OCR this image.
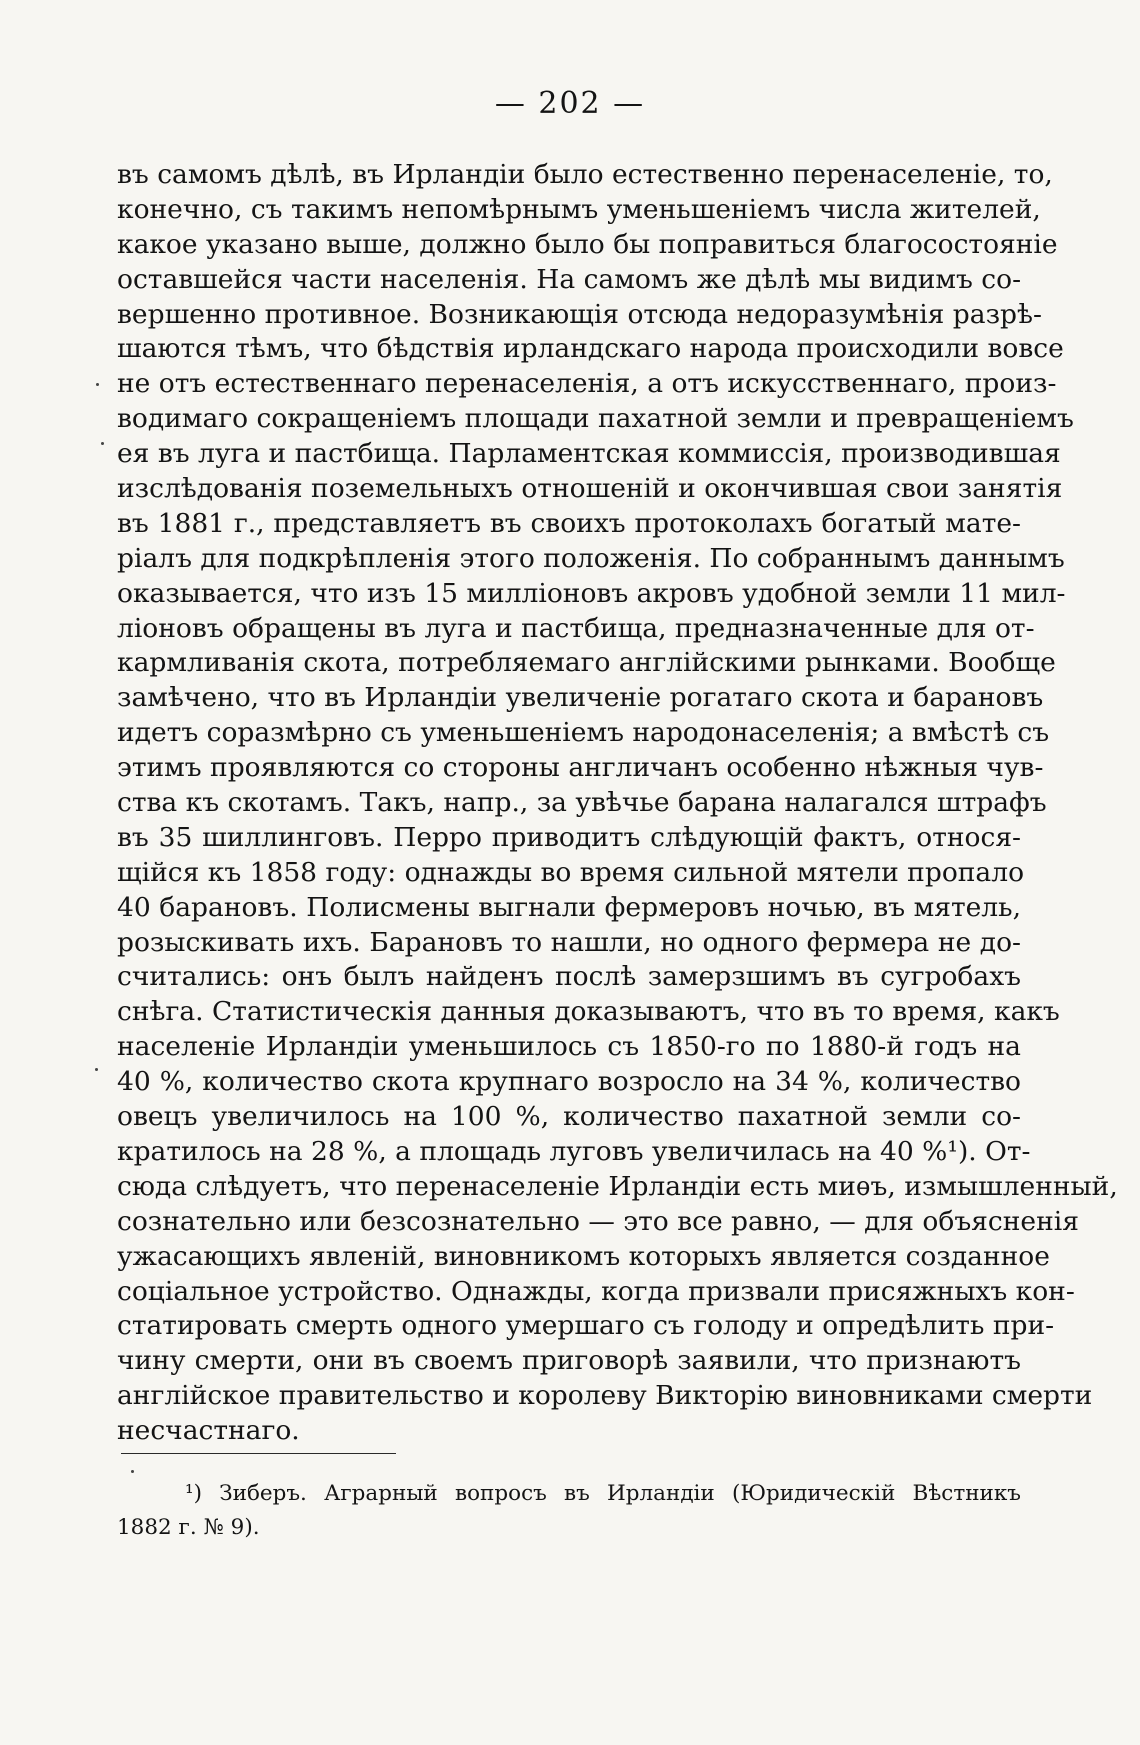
— 202 —
въ самомъ дѣлѣ, въ Ирландіи было естественно перенаселеніе, то,
конечно, съ такимъ непомѣрнымъ уменьшеніемъ числа жителей,
какое указано выше, должно было бы поправиться благосостояніе
оставшейся части населенія. На самомъ же дѣлѣ мы видимъ со-
вершенно противное. Возникающія отсюда недоразумѣнія разрѣ-
шаются тѣмъ, что бѣдствія ирландскаго народа происходили вовсе
не отъ естественнаго перенаселенія, а отъ искусственнаго, произ-
водимаго сокращеніемъ площади пахатной земли и превращеніемъ
ея въ луга и пастбища. Парламентская коммиссія, производившая
изслѣдованія поземельныхъ отношеній и окончившая свои занятія
въ 1881 г., представляетъ въ своихъ протоколахъ богатый мате-
ріалъ для подкрѣпленія этого положенія. По собраннымъ даннымъ
оказывается, что изъ 15 милліоновъ акровъ удобной земли 11 мил-
ліоновъ обращены въ луга и пастбища, предназначенные для от-
кармливанія скота, потребляемаго англійскими рынками. Вообще
замѣчено, что въ Ирландіи увеличеніе рогатаго скота и барановъ
идетъ соразмѣрно съ уменьшеніемъ народонаселенія; а вмѣстѣ съ
этимъ проявляются со стороны англичанъ особенно нѣжныя чув-
ства къ скотамъ. Такъ, напр., за увѣчье барана налагался штрафъ
въ 35 шиллинговъ. Перро приводитъ слѣдующій фактъ, относя-
щійся къ 1858 году: однажды во время сильной мятели пропало
40 барановъ. Полисмены выгнали фермеровъ ночью, въ мятель,
розыскивать ихъ. Барановъ то нашли, но одного фермера не до-
считались: онъ былъ найденъ послѣ замерзшимъ въ сугробахъ
снѣга. Статистическія данныя доказываютъ, что въ то время, какъ
населеніе Ирландіи уменьшилось съ 1850-го по 1880-й годъ на
40 %, количество скота крупнаго возросло на 34 %, количество
овецъ увеличилось на 100 %, количество пахатной земли со-
кратилось на 28 %, а площадь луговъ увеличилась на 40 %¹). От-
сюда слѣдуетъ, что перенаселеніе Ирландіи есть миѳъ, измышленный,
сознательно или безсознательно — это все равно, — для объясненія
ужасающихъ явленій, виновникомъ которыхъ является созданное
соціальное устройство. Однажды, когда призвали присяжныхъ кон-
статировать смерть одного умершаго съ голоду и опредѣлить при-
чину смерти, они въ своемъ приговорѣ заявили, что признаютъ
англійское правительство и королеву Викторію виновниками смерти
несчастнаго.
¹) Зиберъ. Аграрный вопросъ въ Ирландіи (Юридическій Вѣстникъ
1882 г. № 9).
